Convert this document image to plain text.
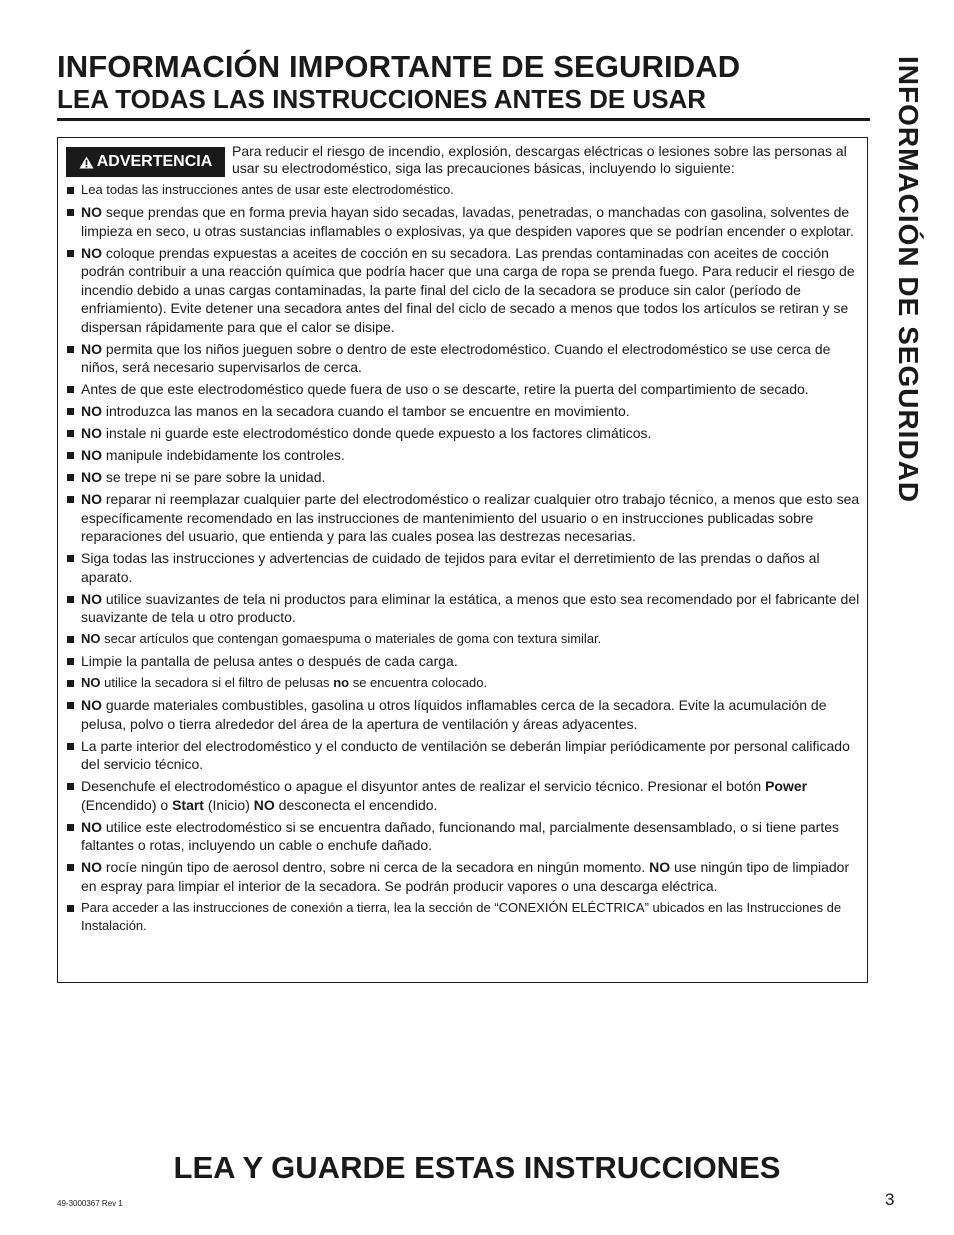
INFORMACIÓN IMPORTANTE DE SEGURIDAD
LEA TODAS LAS INSTRUCCIONES ANTES DE USAR	INFORMACIÓN DE SEGURIDAD
ADVERTENCIA
Para reducir el riesgo de incendio, explosión, descargas eléctricas o lesiones sobre las personas al usar su electrodoméstico, siga las precauciones básicas, incluyendo lo siguiente:
Lea todas las instrucciones antes de usar este electrodoméstico.
NO seque prendas que en forma previa hayan sido secadas, lavadas, penetradas, o manchadas con gasolina, solventes de limpieza en seco, u otras sustancias inflamables o explosivas, ya que despiden vapores que se podrían encender o explotar.
NO coloque prendas expuestas a aceites de cocción en su secadora. Las prendas contaminadas con aceites de cocción podrán contribuir a una reacción química que podría hacer que una carga de ropa se prenda fuego. Para reducir el riesgo de incendio debido a unas cargas contaminadas, la parte final del ciclo de la secadora se produce sin calor (período de enfriamiento). Evite detener una secadora antes del final del ciclo de secado a menos que todos los artículos se retiran y se dispersan rápidamente para que el calor se disipe.
NO permita que los niños jueguen sobre o dentro de este electrodoméstico. Cuando el electrodoméstico se use cerca de niños, será necesario supervisarlos de cerca.
Antes de que este electrodoméstico quede fuera de uso o se descarte, retire la puerta del compartimiento de secado.
NO introduzca las manos en la secadora cuando el tambor se encuentre en movimiento.
NO instale ni guarde este electrodoméstico donde quede expuesto a los factores climáticos.
NO manipule indebidamente los controles.
NO se trepe ni se pare sobre la unidad.
NO reparar ni reemplazar cualquier parte del electrodoméstico o realizar cualquier otro trabajo técnico, a menos que esto sea específicamente recomendado en las instrucciones de mantenimiento del usuario o en instrucciones publicadas sobre reparaciones del usuario, que entienda y para las cuales posea las destrezas necesarias.
Siga todas las instrucciones y advertencias de cuidado de tejidos para evitar el derretimiento de las prendas o daños al aparato.
NO utilice suavizantes de tela ni productos para eliminar la estática, a menos que esto sea recomendado por el fabricante del suavizante de tela u otro producto.
NO secar artículos que contengan gomaespuma o materiales de goma con textura similar.
Limpie la pantalla de pelusa antes o después de cada carga.
NO utilice la secadora si el filtro de pelusas no se encuentra colocado.
NO guarde materiales combustibles, gasolina u otros líquidos inflamables cerca de la secadora. Evite la acumulación de pelusa, polvo o tierra alrededor del área de la apertura de ventilación y áreas adyacentes.
La parte interior del electrodoméstico y el conducto de ventilación se deberán limpiar periódicamente por personal calificado del servicio técnico.
Desenchufe el electrodoméstico o apague el disyuntor antes de realizar el servicio técnico. Presionar el botón Power (Encendido) o Start (Inicio) NO desconecta el encendido.
NO utilice este electrodoméstico si se encuentra dañado, funcionando mal, parcialmente desensamblado, o si tiene partes faltantes o rotas, incluyendo un cable o enchufe dañado.
NO rocíe ningún tipo de aerosol dentro, sobre ni cerca de la secadora en ningún momento. NO use ningún tipo de limpiador en espray para limpiar el interior de la secadora. Se podrán producir vapores o una descarga eléctrica.
Para acceder a las instrucciones de conexión a tierra, lea la sección de “CONEXIÓN ELÉCTRICA” ubicados en las Instrucciones de Instalación.
LEA Y GUARDE ESTAS INSTRUCCIONES
49-3000367 Rev 1	3
